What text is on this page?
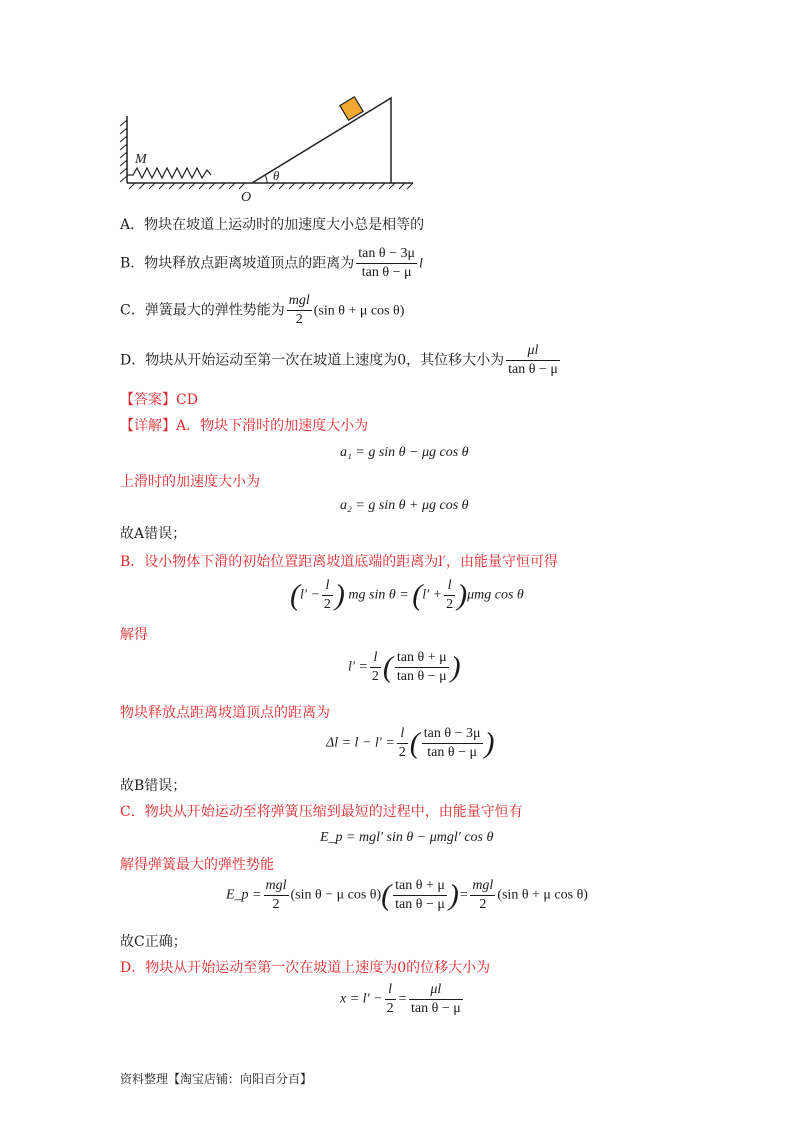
M
O
θ
A．物块在坡道上运动时的加速度大小总是相等的
B．物块释放点距离坡道顶点的距离为 $\frac{\text{tan θ − 3μ}}{\text{tan θ − μ}}$ l
C．弹簧最大的弹性势能为 $\frac{\text{mgl}}{2} (\sin$ θ + μ cos θ)
D．物块从开始运动至第一次在坡道上速度为0，其位移大小为 $\frac{\mu l}{\text{tan θ − μ}}$
【答案】CD
【详解】A．物块下滑时的加速度大小为
a₁ = g sin θ − μg cos θ
上滑时的加速度大小为
a₂ = g sin θ + μg cos θ
故A错误；
B．设小物体下滑的初始位置距离坡道底端的距离为l′，由能量守恒可得
($l' - \frac{l}{2}$ ) mg $\sin \theta = (l' + \frac{l}{2} )\mu mg$ cos θ
解得
$l' = \frac{l}{2}$ ( $\frac{\text{tan θ + μ}}{\text{tan θ − μ}}$ )
物块释放点距离坡道顶点的距离为
$\Delta l = l - l' = \frac{l}{2}$ ( $\frac{\text{tan θ − 3μ}}{\text{tan θ − μ}}$ )
故B错误；
C．物块从开始运动至将弹簧压缩到最短的过程中，由能量守恒有
E_p = mgl′ sin θ − μmgl′ cos θ
解得弹簧最大的弹性势能
E_p = $\frac{\text{mgl}}{2} (\sin$ θ − μ $\cos \theta)( \frac{\text{tan θ + μ}}{\text{tan θ − μ}}$ )= $\frac{\text{mgl}}{2} (\sin$ θ + μ cos θ)
故C正确；
D．物块从开始运动至第一次在坡道上速度为0的位移大小为
$x = l' - \frac{l}{2} = \frac{\mu l}{\text{tan θ − μ}}$
资料整理【淘宝店铺：向阳百分百】
